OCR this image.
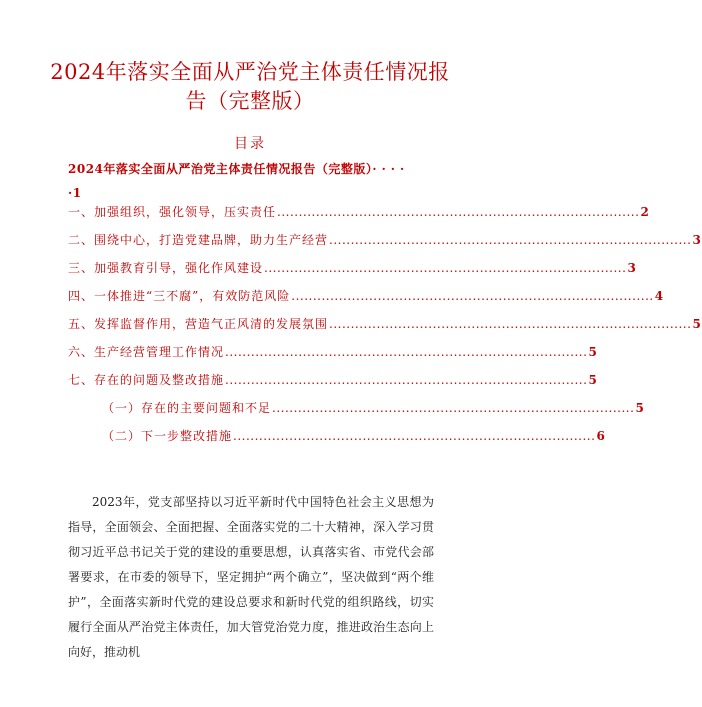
2024年落实全面从严治党主体责任情况报告（完整版）
目录
2024年落实全面从严治党主体责任情况报告（完整版）····
·1
一、加强组织，强化领导，压实责任 .................................................................................... 2
二、围绕中心，打造党建品牌，助力生产经营 .................................................................................... 3
三、加强教育引导，强化作风建设 .................................................................................... 3
四、一体推进“三不腐”，有效防范风险 .................................................................................... 4
五、发挥监督作用，营造气正风清的发展氛围 .................................................................................... 5
六、生产经营管理工作情况 .................................................................................... 5
七、存在的问题及整改措施 .................................................................................... 5
（一）存在的主要问题和不足 .................................................................................... 5
（二）下一步整改措施 .................................................................................... 6
2023年，党支部坚持以习近平新时代中国特色社会主义思想为指导，全面领会、全面把握、全面落实党的二十大精神，深入学习贯彻习近平总书记关于党的建设的重要思想，认真落实省、市党代会部署要求，在市委的领导下，坚定拥护“两个确立”，坚决做到“两个维护”，全面落实新时代党的建设总要求和新时代党的组织路线，切实履行全面从严治党主体责任，加大管党治党力度，推进政治生态向上向好，推动机
